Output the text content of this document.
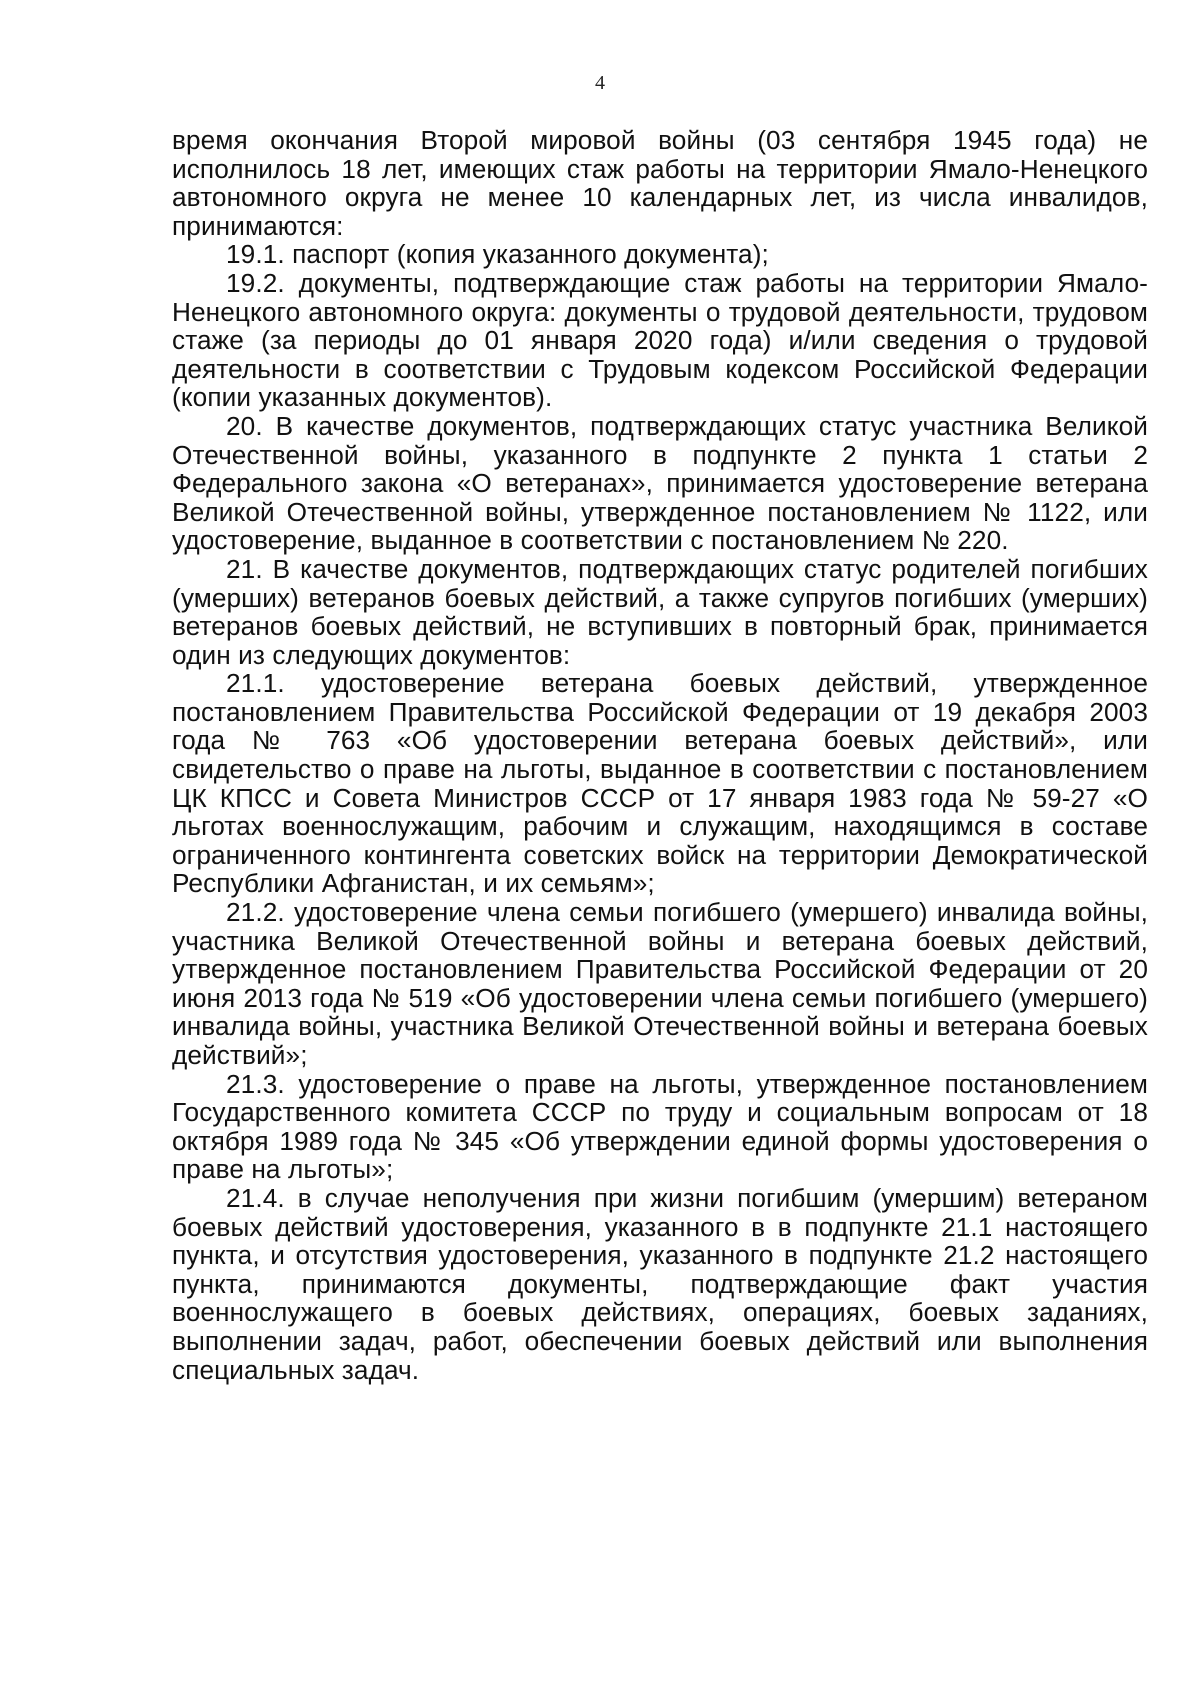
4

время окончания Второй мировой войны (03 сентября 1945 года) не исполнилось 18 лет, имеющих стаж работы на территории Ямало-Ненецкого автономного округа не менее 10 календарных лет, из числа инвалидов, принимаются:

19.1. паспорт (копия указанного документа);

19.2. документы, подтверждающие стаж работы на территории Ямало-Ненецкого автономного округа: документы о трудовой деятельности, трудовом стаже (за периоды до 01 января 2020 года) и/или сведения о трудовой деятельности в соответствии с Трудовым кодексом Российской Федерации (копии указанных документов).

20. В качестве документов, подтверждающих статус участника Великой Отечественной войны, указанного в подпункте 2 пункта 1 статьи 2 Федерального закона «О ветеранах», принимается удостоверение ветерана Великой Отечественной войны, утвержденное постановлением № 1122, или удостоверение, выданное в соответствии с постановлением № 220.

21. В качестве документов, подтверждающих статус родителей погибших (умерших) ветеранов боевых действий, а также супругов погибших (умерших) ветеранов боевых действий, не вступивших в повторный брак, принимается один из следующих документов:

21.1. удостоверение ветерана боевых действий, утвержденное постановлением Правительства Российской Федерации от 19 декабря 2003 года № 763 «Об удостоверении ветерана боевых действий», или свидетельство о праве на льготы, выданное в соответствии с постановлением ЦК КПСС и Совета Министров СССР от 17 января 1983 года № 59-27 «О льготах военнослужащим, рабочим и служащим, находящимся в составе ограниченного контингента советских войск на территории Демократической Республики Афганистан, и их семьям»;

21.2. удостоверение члена семьи погибшего (умершего) инвалида войны, участника Великой Отечественной войны и ветерана боевых действий, утвержденное постановлением Правительства Российской Федерации от 20 июня 2013 года № 519 «Об удостоверении члена семьи погибшего (умершего) инвалида войны, участника Великой Отечественной войны и ветерана боевых действий»;

21.3. удостоверение о праве на льготы, утвержденное постановлением Государственного комитета СССР по труду и социальным вопросам от 18 октября 1989 года № 345 «Об утверждении единой формы удостоверения о праве на льготы»;

21.4. в случае неполучения при жизни погибшим (умершим) ветераном боевых действий удостоверения, указанного в в подпункте 21.1 настоящего пункта, и отсутствия удостоверения, указанного в подпункте 21.2 настоящего пункта, принимаются документы, подтверждающие факт участия военнослужащего в боевых действиях, операциях, боевых заданиях, выполнении задач, работ, обеспечении боевых действий или выполнения специальных задач.
